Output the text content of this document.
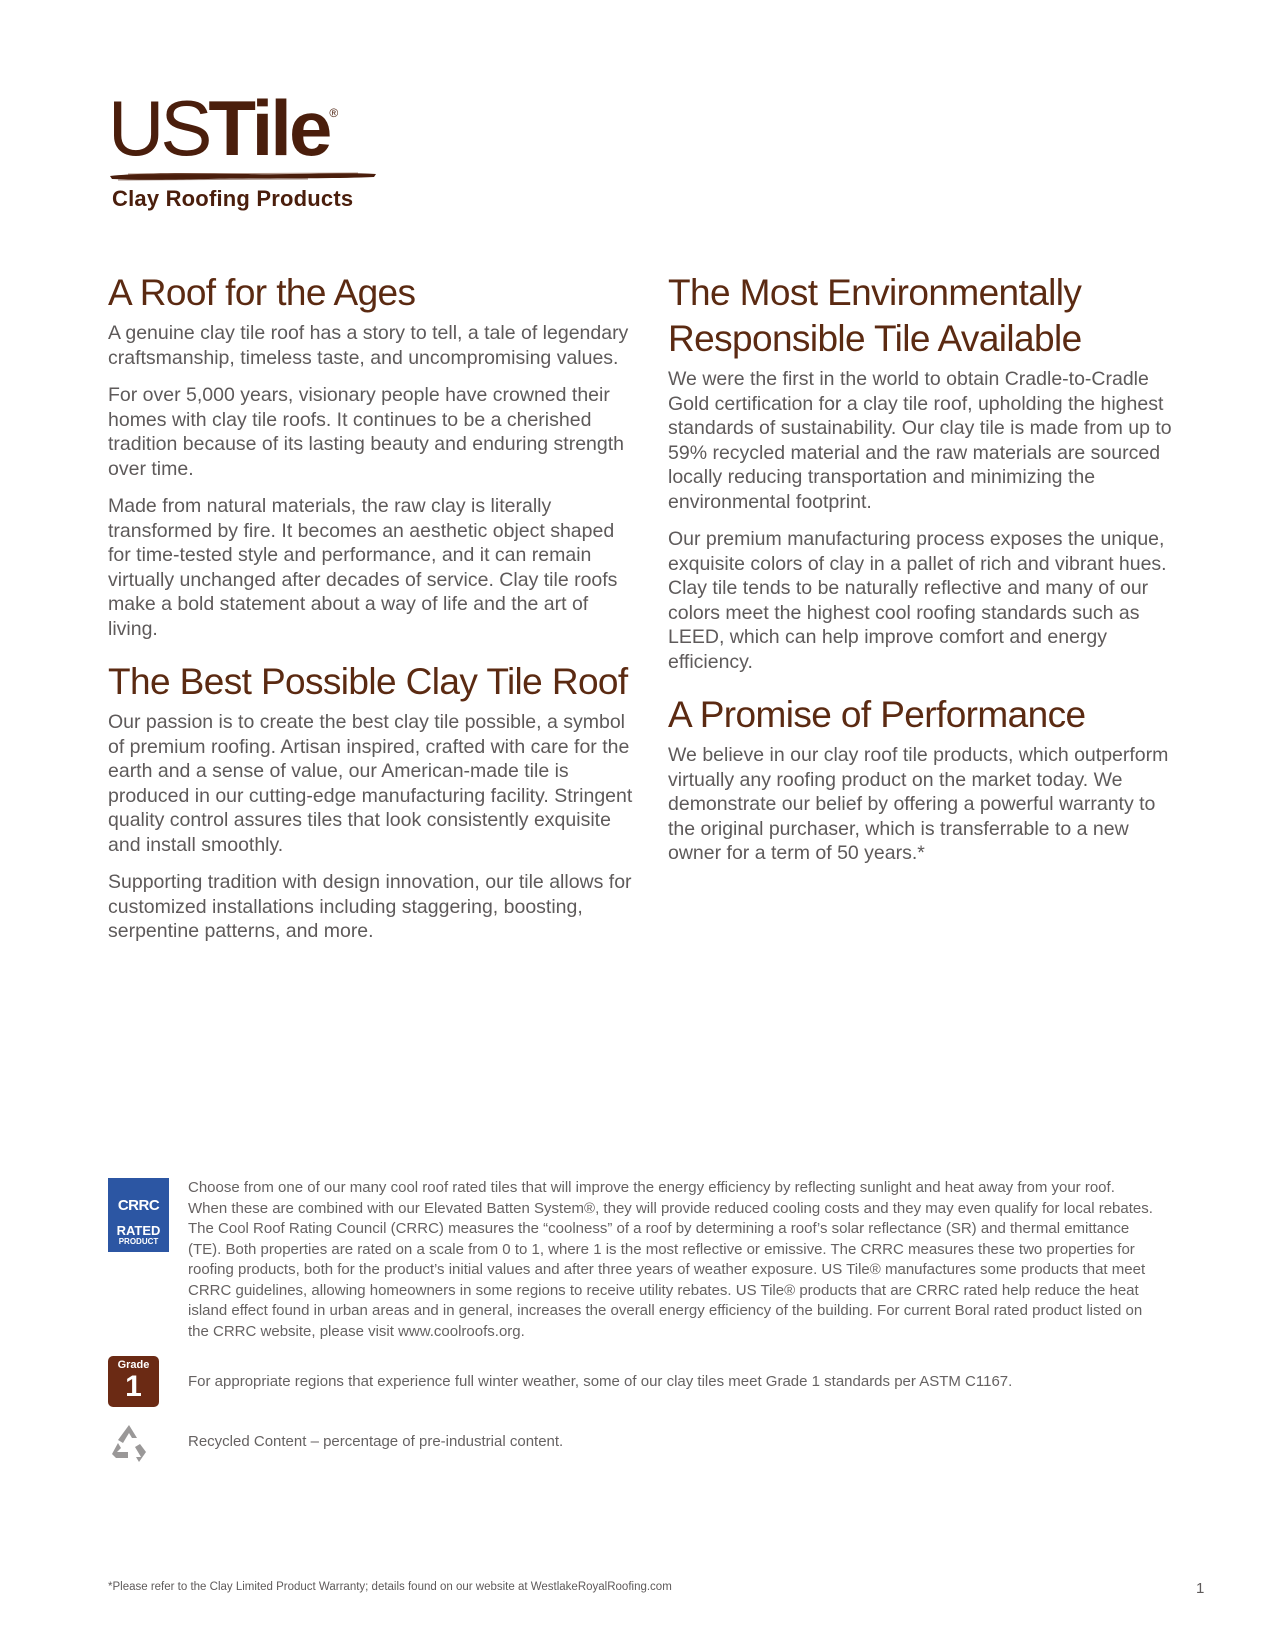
USTile®
Clay Roofing Products
A Roof for the Ages

A genuine clay tile roof has a story to tell, a tale of legendary craftsmanship, timeless taste, and uncompromising values.

For over 5,000 years, visionary people have crowned their homes with clay tile roofs. It continues to be a cherished tradition because of its lasting beauty and enduring strength over time.

Made from natural materials, the raw clay is literally transformed by fire. It becomes an aesthetic object shaped for time-tested style and performance, and it can remain virtually unchanged after decades of service. Clay tile roofs make a bold statement about a way of life and the art of living.

The Best Possible Clay Tile Roof

Our passion is to create the best clay tile possible, a symbol of premium roofing. Artisan inspired, crafted with care for the earth and a sense of value, our American-made tile is produced in our cutting-edge manufacturing facility. Stringent quality control assures tiles that look consistently exquisite and install smoothly.

Supporting tradition with design innovation, our tile allows for customized installations including staggering, boosting, serpentine patterns, and more.

The Most Environmentally Responsible Tile Available

We were the first in the world to obtain Cradle-to-Cradle Gold certification for a clay tile roof, upholding the highest standards of sustainability. Our clay tile is made from up to 59% recycled material and the raw materials are sourced locally reducing transportation and minimizing the environmental footprint.

Our premium manufacturing process exposes the unique, exquisite colors of clay in a pallet of rich and vibrant hues. Clay tile tends to be naturally reflective and many of our colors meet the highest cool roofing standards such as LEED, which can help improve comfort and energy efficiency.

A Promise of Performance

We believe in our clay roof tile products, which outperform virtually any roofing product on the market today. We demonstrate our belief by offering a powerful warranty to the original purchaser, which is transferrable to a new owner for a term of 50 years.*

CRRC
RATED
PRODUCT

Choose from one of our many cool roof rated tiles that will improve the energy efficiency by reflecting sunlight and heat away from your roof. When these are combined with our Elevated Batten System®, they will provide reduced cooling costs and they may even qualify for local rebates. The Cool Roof Rating Council (CRRC) measures the “coolness” of a roof by determining a roof’s solar reflectance (SR) and thermal emittance (TE). Both properties are rated on a scale from 0 to 1, where 1 is the most reflective or emissive. The CRRC measures these two properties for roofing products, both for the product’s initial values and after three years of weather exposure. US Tile® manufactures some products that meet CRRC guidelines, allowing homeowners in some regions to receive utility rebates. US Tile® products that are CRRC rated help reduce the heat island effect found in urban areas and in general, increases the overall energy efficiency of the building. For current Boral rated product listed on the CRRC website, please visit www.coolroofs.org.

Grade
1	For appropriate regions that experience full winter weather, some of our clay tiles meet Grade 1 standards per ASTM C1167.

Recycled Content – percentage of pre-industrial content.

*Please refer to the Clay Limited Product Warranty; details found on our website at WestlakeRoyalRoofing.com	1
